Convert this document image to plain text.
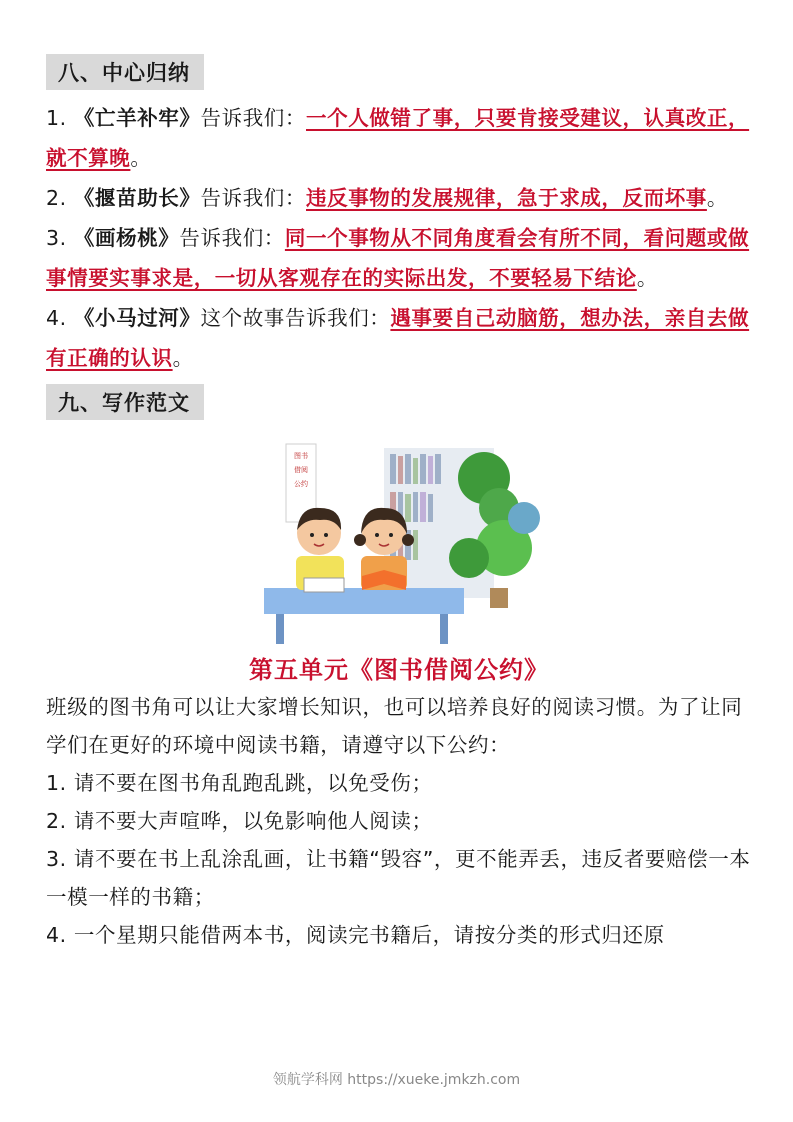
八、中心归纳
1. 《亡羊补牢》告诉我们：一个人做错了事，只要肯接受建议，认真改正，就不算晚。
2. 《揠苗助长》告诉我们：违反事物的发展规律，急于求成，反而坏事。
3. 《画杨桃》告诉我们：同一个事物从不同角度看会有所不同，看问题或做事情要实事求是，一切从客观存在的实际出发，不要轻易下结论。
4. 《小马过河》这个故事告诉我们：遇事要自己动脑筋，想办法，亲自去做有正确的认识。
九、写作范文
图书
借阅
公约
第五单元《图书借阅公约》
班级的图书角可以让大家增长知识，也可以培养良好的阅读习惯。为了让同学们在更好的环境中阅读书籍，请遵守以下公约：
1. 请不要在图书角乱跑乱跳，以免受伤；
2. 请不要大声喧哗，以免影响他人阅读；
3. 请不要在书上乱涂乱画，让书籍“毁容”，更不能弄丢，违反者要赔偿一本一模一样的书籍；
4. 一个星期只能借两本书，阅读完书籍后，请按分类的形式归还原
领航学科网 https://xueke.jmkzh.com
